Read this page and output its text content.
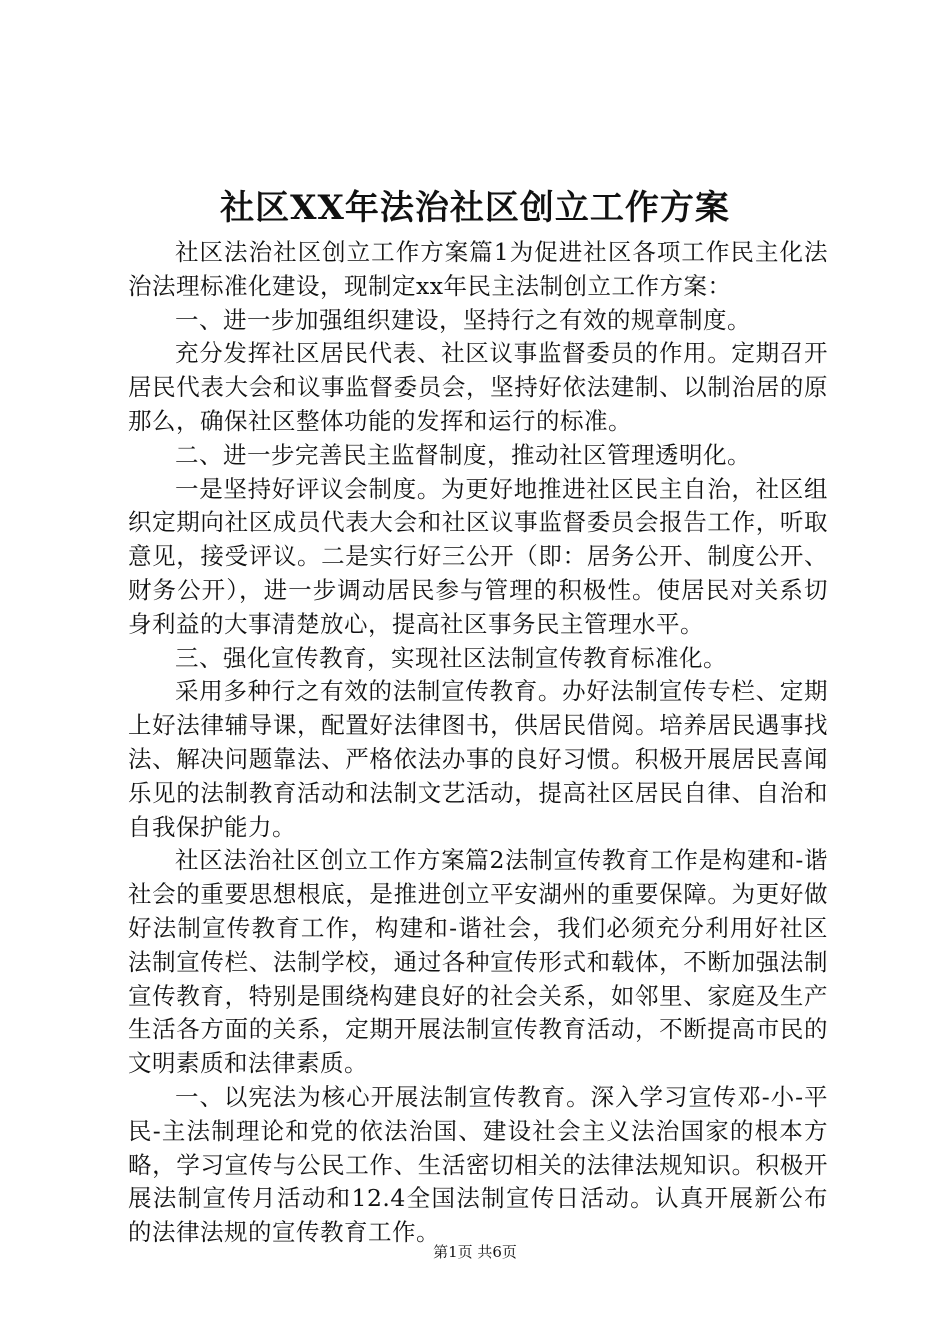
社区XX年法治社区创立工作方案

社区法治社区创立工作方案篇1为促进社区各项工作民主化法治法理标准化建设，现制定xx年民主法制创立工作方案：

一、进一步加强组织建设，坚持行之有效的规章制度。

充分发挥社区居民代表、社区议事监督委员的作用。定期召开居民代表大会和议事监督委员会，坚持好依法建制、以制治居的原那么，确保社区整体功能的发挥和运行的标准。

二、进一步完善民主监督制度，推动社区管理透明化。

一是坚持好评议会制度。为更好地推进社区民主自治，社区组织定期向社区成员代表大会和社区议事监督委员会报告工作，听取意见，接受评议。二是实行好三公开（即：居务公开、制度公开、财务公开），进一步调动居民参与管理的积极性。使居民对关系切身利益的大事清楚放心，提高社区事务民主管理水平。

三、强化宣传教育，实现社区法制宣传教育标准化。

采用多种行之有效的法制宣传教育。办好法制宣传专栏、定期上好法律辅导课，配置好法律图书，供居民借阅。培养居民遇事找法、解决问题靠法、严格依法办事的良好习惯。积极开展居民喜闻乐见的法制教育活动和法制文艺活动，提高社区居民自律、自治和自我保护能力。

社区法治社区创立工作方案篇2法制宣传教育工作是构建和-谐社会的重要思想根底，是推进创立平安湖州的重要保障。为更好做好法制宣传教育工作，构建和-谐社会，我们必须充分利用好社区法制宣传栏、法制学校，通过各种宣传形式和载体，不断加强法制宣传教育，特别是围绕构建良好的社会关系，如邻里、家庭及生产生活各方面的关系，定期开展法制宣传教育活动，不断提高市民的文明素质和法律素质。

一、以宪法为核心开展法制宣传教育。深入学习宣传邓-小-平民-主法制理论和党的依法治国、建设社会主义法治国家的根本方略，学习宣传与公民工作、生活密切相关的法律法规知识。积极开展法制宣传月活动和12.4全国法制宣传日活动。认真开展新公布的法律法规的宣传教育工作。

第1页 共6页
